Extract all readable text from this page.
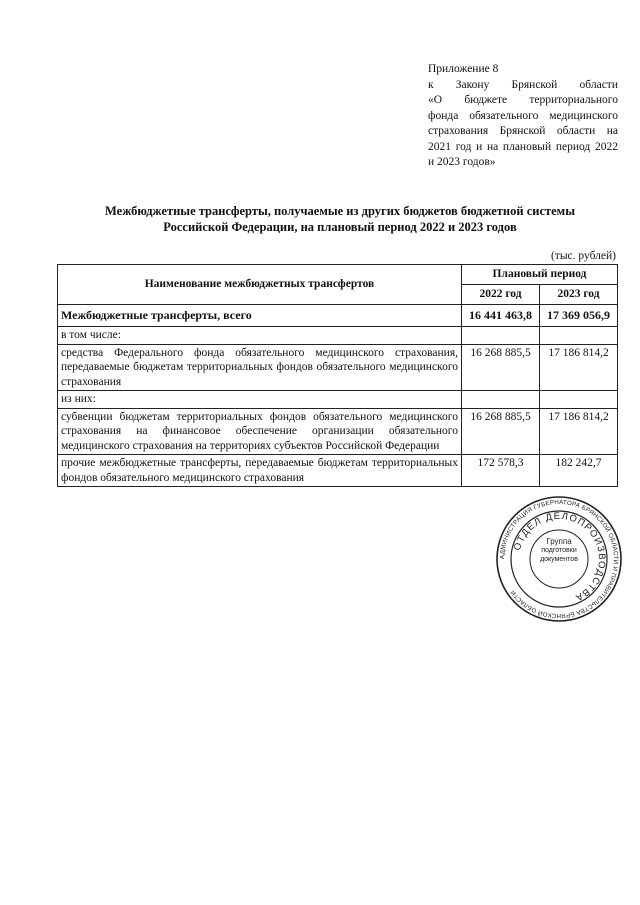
Приложение 8
к Закону Брянской области
«О бюджете территориального
фонда обязательного медицинского
страхования Брянской области на
2021 год и на плановый период 2022
и 2023 годов»
Межбюджетные трансферты, получаемые из других бюджетов бюджетной системы
Российской Федерации, на плановый период 2022 и 2023 годов
(тыс. рублей)
Наименование межбюджетных трансфертов	Плановый период	
	2022 год	2023 год
Межбюджетные трансферты, всего	16 441 463,8	17 369 056,9
в том числе:		
средства Федерального фонда обязательного медицинского страхования, передаваемые бюджетам территориальных фондов обязательного медицинского страхования	16 268 885,5	17 186 814,2
из них:		
субвенции бюджетам территориальных фондов обязательного медицинского страхования на финансовое обеспечение организации обязательного медицинского страхования на территориях субъектов Российской Федерации	16 268 885,5	17 186 814,2
прочие межбюджетные трансферты, передаваемые бюджетам территориальных фондов обязательного медицинского страхования	172 578,3	182 242,7
АДМИНИСТРАЦИЯ ГУБЕРНАТОРА БРЯНСКОЙ ОБЛАСТИ И ПРАВИТЕЛЬСТВА БРЯНСКОЙ ОБЛАСТИ
ОТДЕЛ ДЕЛОПРОИЗВОДСТВА
Группа
подготовки
документов
